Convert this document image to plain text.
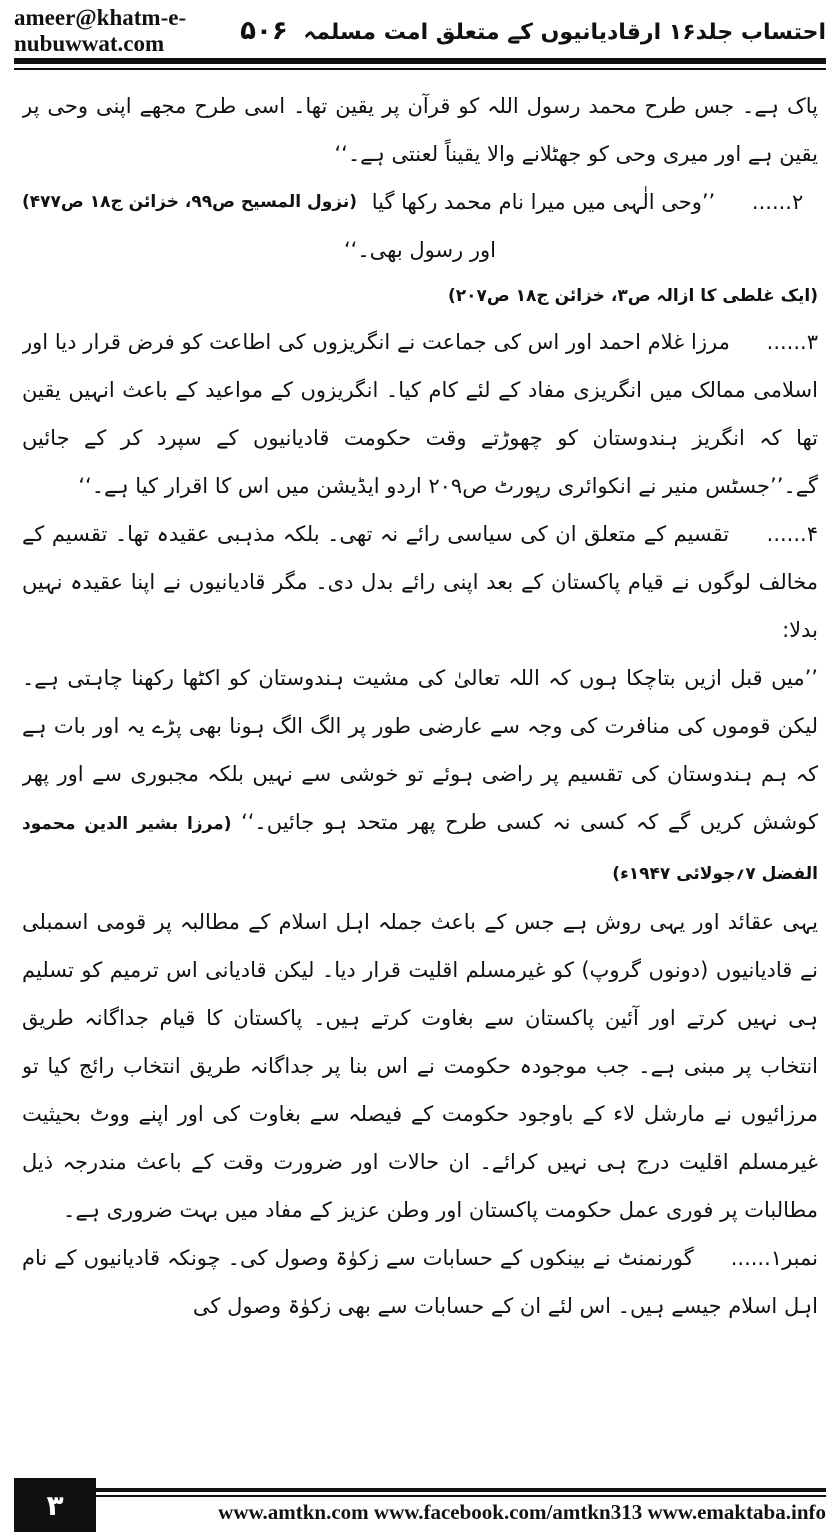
ameer@khatm-e-nubuwwat.com	احتساب جلد۱۶ ارقادیانیوں کے متعلق امت مسلمہ ۵۰۶

پاک ہے۔ جس طرح محمد رسول اللہ کو قرآن پر یقین تھا۔ اسی طرح مجھے اپنی وحی پر یقین ہے اور میری وحی کو جھٹلانے والا یقیناً لعنتی ہے۔‘‘
(نزول المسیح ص۹۹، خزائن ج۱۸ ص۴۷۷)	۲...... ’’وحی الٰہی میں میرا نام محمد رکھا گیا اور رسول بھی۔‘‘

(ایک غلطی کا ازالہ ص۳، خزائن ج۱۸ ص۲۰۷)

۳...... مرزا غلام احمد اور اس کی جماعت نے انگریزوں کی اطاعت کو فرض قرار دیا اور اسلامی ممالک میں انگریزی مفاد کے لئے کام کیا۔ انگریزوں کے مواعید کے باعث انہیں یقین تھا کہ انگریز ہندوستان کو چھوڑتے وقت حکومت قادیانیوں کے سپرد کر کے جائیں گے۔’’جسٹس منیر نے انکوائری رپورٹ ص۲۰۹ اردو ایڈیشن میں اس کا اقرار کیا ہے۔‘‘

۴...... تقسیم کے متعلق ان کی سیاسی رائے نہ تھی۔ بلکہ مذہبی عقیدہ تھا۔ تقسیم کے مخالف لوگوں نے قیام پاکستان کے بعد اپنی رائے بدل دی۔ مگر قادیانیوں نے اپنا عقیدہ نہیں بدلا:

’’میں قبل ازیں بتاچکا ہوں کہ اللہ تعالیٰ کی مشیت ہندوستان کو اکٹھا رکھنا چاہتی ہے۔ لیکن قوموں کی منافرت کی وجہ سے عارضی طور پر الگ الگ ہونا بھی پڑے یہ اور بات ہے کہ ہم ہندوستان کی تقسیم پر راضی ہوئے تو خوشی سے نہیں بلکہ مجبوری سے اور پھر کوشش کریں گے کہ کسی نہ کسی طرح پھر متحد ہو جائیں۔‘‘ (مرزا بشیر الدین محمود الفضل ۷؍جولائی ۱۹۴۷ء)

یہی عقائد اور یہی روش ہے جس کے باعث جملہ اہل اسلام کے مطالبہ پر قومی اسمبلی نے قادیانیوں (دونوں گروپ) کو غیرمسلم اقلیت قرار دیا۔ لیکن قادیانی اس ترمیم کو تسلیم ہی نہیں کرتے اور آئین پاکستان سے بغاوت کرتے ہیں۔ پاکستان کا قیام جداگانہ طریق انتخاب پر مبنی ہے۔ جب موجودہ حکومت نے اس بنا پر جداگانہ طریق انتخاب رائج کیا تو مرزائیوں نے مارشل لاء کے باوجود حکومت کے فیصلہ سے بغاوت کی اور اپنے ووٹ بحیثیت غیرمسلم اقلیت درج ہی نہیں کرائے۔ ان حالات اور ضرورت وقت کے باعث مندرجہ ذیل مطالبات پر فوری عمل حکومت پاکستان اور وطن عزیز کے مفاد میں بہت ضروری ہے۔

نمبر۱...... گورنمنٹ نے بینکوں کے حسابات سے زکوٰۃ وصول کی۔ چونکہ قادیانیوں کے نام اہل اسلام جیسے ہیں۔ اس لئے ان کے حسابات سے بھی زکوٰۃ وصول کی

۳	www.amtkn.com www.facebook.com/amtkn313 www.emaktaba.info
